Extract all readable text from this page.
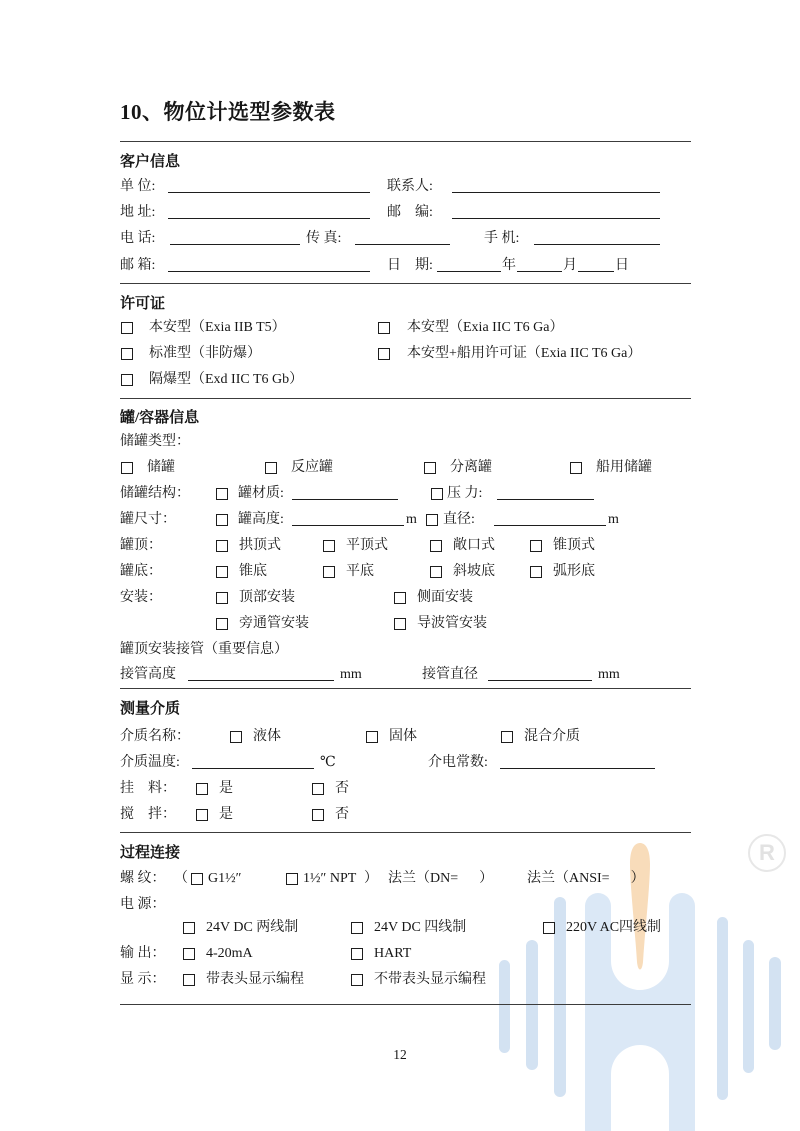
R
10、物位计选型参数表
客户信息
单 位:	联系人:
地 址:	邮　编:
电 话:	传 真:	手 机:
邮 箱:	日　期:	年	月	日
许可证
本安型（Exia IIB T5）	本安型（Exia IIC T6 Ga）
标准型（非防爆）	本安型+船用许可证（Exia IIC T6 Ga）
隔爆型（Exd IIC T6 Gb）
罐/容器信息
储罐类型：
储罐	反应罐	分离罐	船用储罐
储罐结构：	罐材质:	压 力:
罐尺寸：	罐高度:	m 直径:	m
罐顶：	拱顶式	平顶式	敞口式	锥顶式
罐底：	锥底	平底	斜坡底	弧形底
安装：	顶部安装	侧面安装
旁通管安装	导波管安装
罐顶安装接管（重要信息）
接管高度	mm	接管直径	mm
测量介质
介质名称：	液体	固体	混合介质
介质温度:	℃	介电常数:
挂　料：	是	否
搅　拌：	是	否
过程连接
螺 纹： （ G1½″	1½″ NPT ） 法兰（DN=      ） 法兰（ANSI=      ）
电 源：
24V DC 两线制	24V DC 四线制	220V AC四线制
输 出：	4-20mA	HART
显 示：	带表头显示编程	不带表头显示编程
12
